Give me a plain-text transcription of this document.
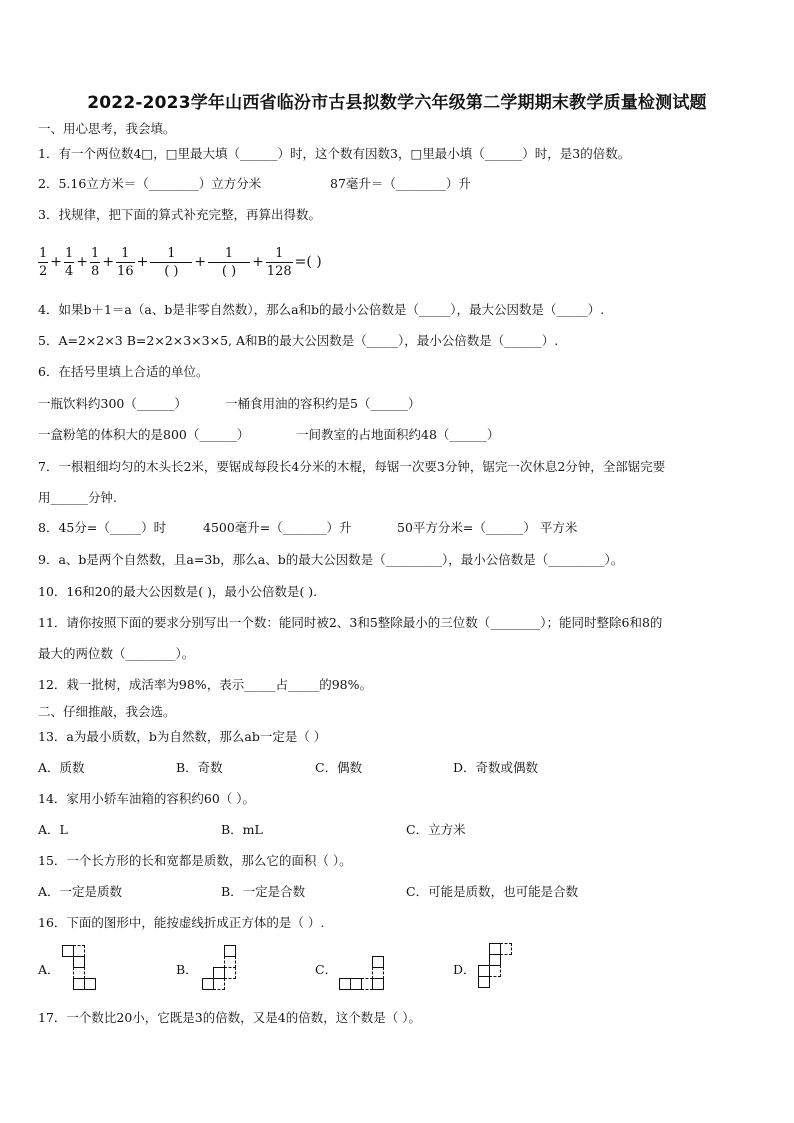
2022-2023学年山西省临汾市古县拟数学六年级第二学期期末教学质量检测试题
一、用心思考，我会填。
1．有一个两位数4□，□里最大填（______）时，这个数有因数3，□里最小填（______）时，是3的倍数。
2．5.16立方米＝（________）立方分米	87毫升＝（________）升
3．找规律，把下面的算式补充完整，再算出得数。
$\frac{1}{2} + \frac{1}{4} + \frac{1}{8} + \frac{1}{16} + \frac{1}{( )} + \frac{1}{( )} + \frac{1}{128}$ =( )
4．如果b＋1＝a（a、b是非零自然数），那么a和b的最小公倍数是（_____），最大公因数是（_____）.
5．A=2×2×3 B=2×2×3×3×5, A和B的最大公因数是（_____），最小公倍数是（______）.
6．在括号里填上合适的单位。
一瓶饮料约300（______）	一桶食用油的容积约是5（______）
一盒粉笔的体积大的是800（______）	一间教室的占地面积约48（______）
7．一根粗细均匀的木头长2米，要锯成每段长4分米的木棍，每锯一次要3分钟，锯完一次休息2分钟，全部锯完要
用______分钟.
8．45分=（_____）时	4500毫升=（_______）升	50平方分米=（______） 平方米
9．a、b是两个自然数，且a=3b，那么a、b的最大公因数是（_________），最小公倍数是（_________）。
10．16和20的最大公因数是( )，最小公倍数是( ).
11．请你按照下面的要求分别写出一个数：能同时被2、3和5整除最小的三位数（________）；能同时整除6和8的
最大的两位数（________）。
12．栽一批树，成活率为98%，表示_____占_____的98%。
二、仔细推敲，我会选。
13．a为最小质数，b为自然数，那么ab一定是（ ）
A．质数	B．奇数	C．偶数	D．奇数或偶数
14．家用小轿车油箱的容积约60（ ）。
A．L	B．mL	C．立方米
15．一个长方形的长和宽都是质数，那么它的面积（ ）。
A．一定是质数	B．一定是合数	C．可能是质数，也可能是合数
16．下面的图形中，能按虚线折成正方体的是（ ）.
A．	B．	C．	D．
17．一个数比20小，它既是3的倍数，又是4的倍数，这个数是（ ）。
